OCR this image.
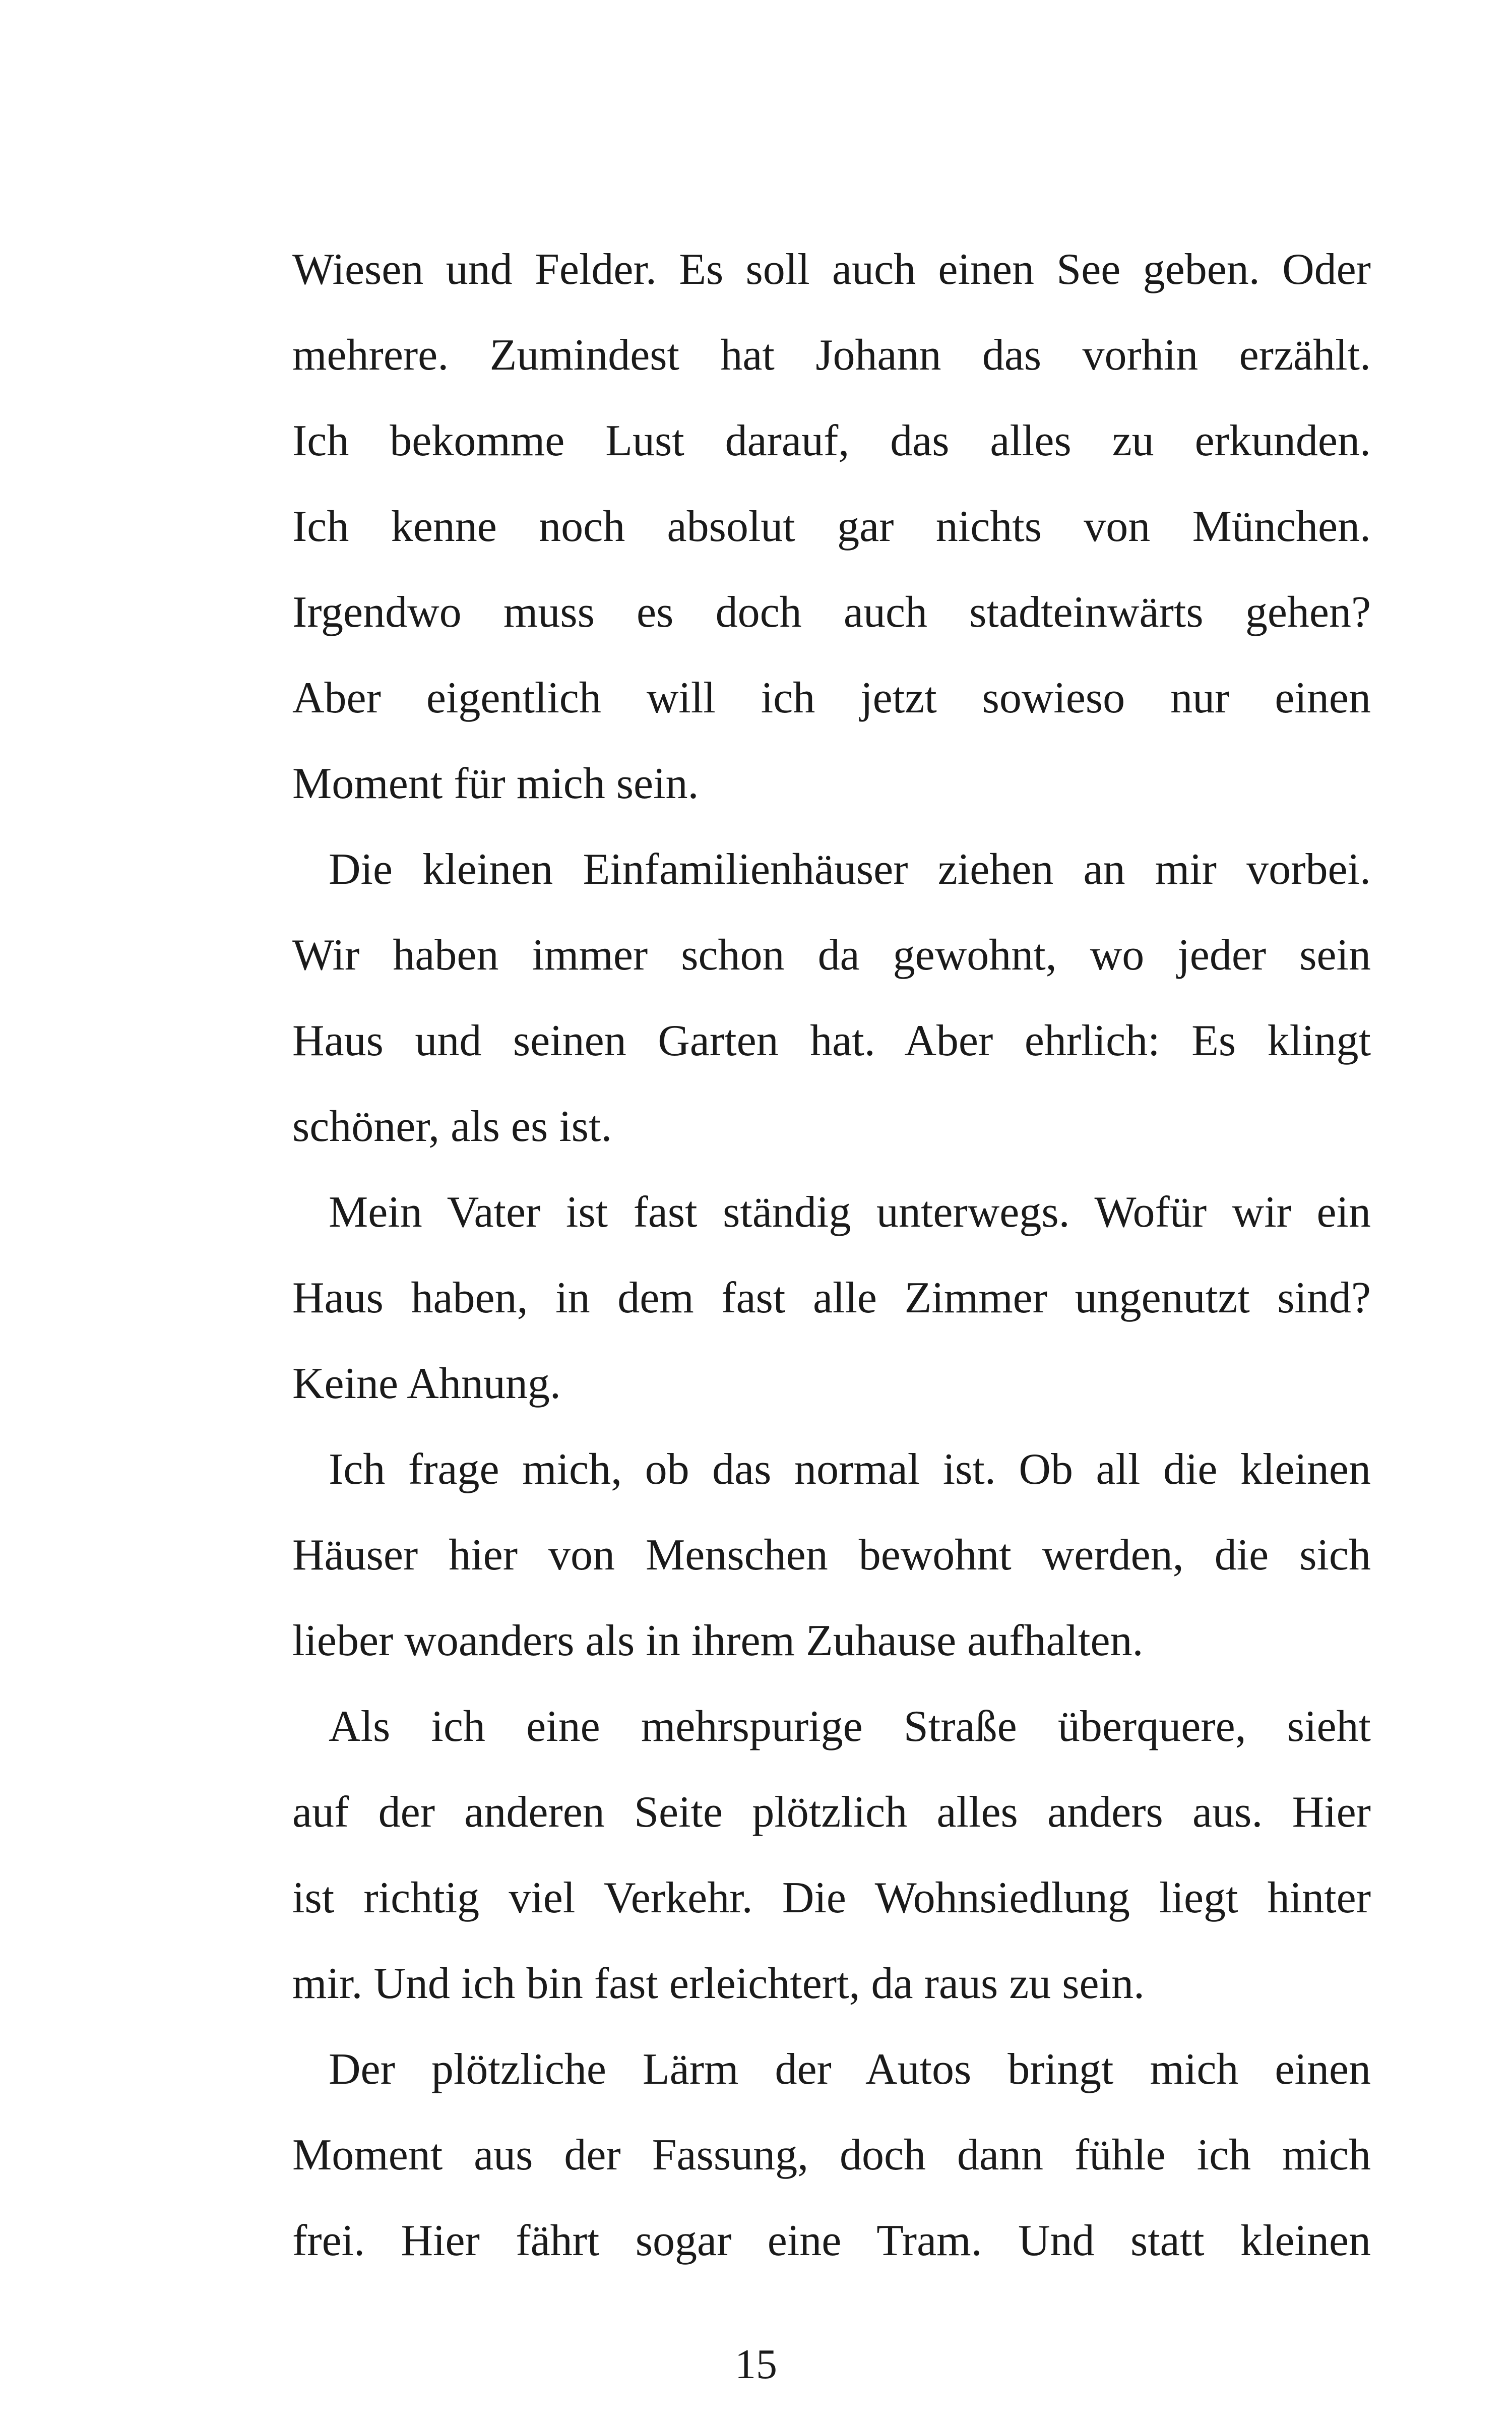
Wiesen und Felder. Es soll auch einen See geben. Oder
mehrere. Zumindest hat Johann das vorhin erzählt.
Ich bekomme Lust darauf, das alles zu erkunden.
Ich kenne noch absolut gar nichts von München.
Irgendwo muss es doch auch stadteinwärts gehen?
Aber eigentlich will ich jetzt sowieso nur einen
Moment für mich sein.
Die kleinen Einfamilienhäuser ziehen an mir vorbei.
Wir haben immer schon da gewohnt, wo jeder sein
Haus und seinen Garten hat. Aber ehrlich: Es klingt
schöner, als es ist.
Mein Vater ist fast ständig unterwegs. Wofür wir ein
Haus haben, in dem fast alle Zimmer ungenutzt sind?
Keine Ahnung.
Ich frage mich, ob das normal ist. Ob all die kleinen
Häuser hier von Menschen bewohnt werden, die sich
lieber woanders als in ihrem Zuhause aufhalten.
Als ich eine mehrspurige Straße überquere, sieht
auf der anderen Seite plötzlich alles anders aus. Hier
ist richtig viel Verkehr. Die Wohnsiedlung liegt hinter
mir. Und ich bin fast erleichtert, da raus zu sein.
Der plötzliche Lärm der Autos bringt mich einen
Moment aus der Fassung, doch dann fühle ich mich
frei. Hier fährt sogar eine Tram. Und statt kleinen
15
